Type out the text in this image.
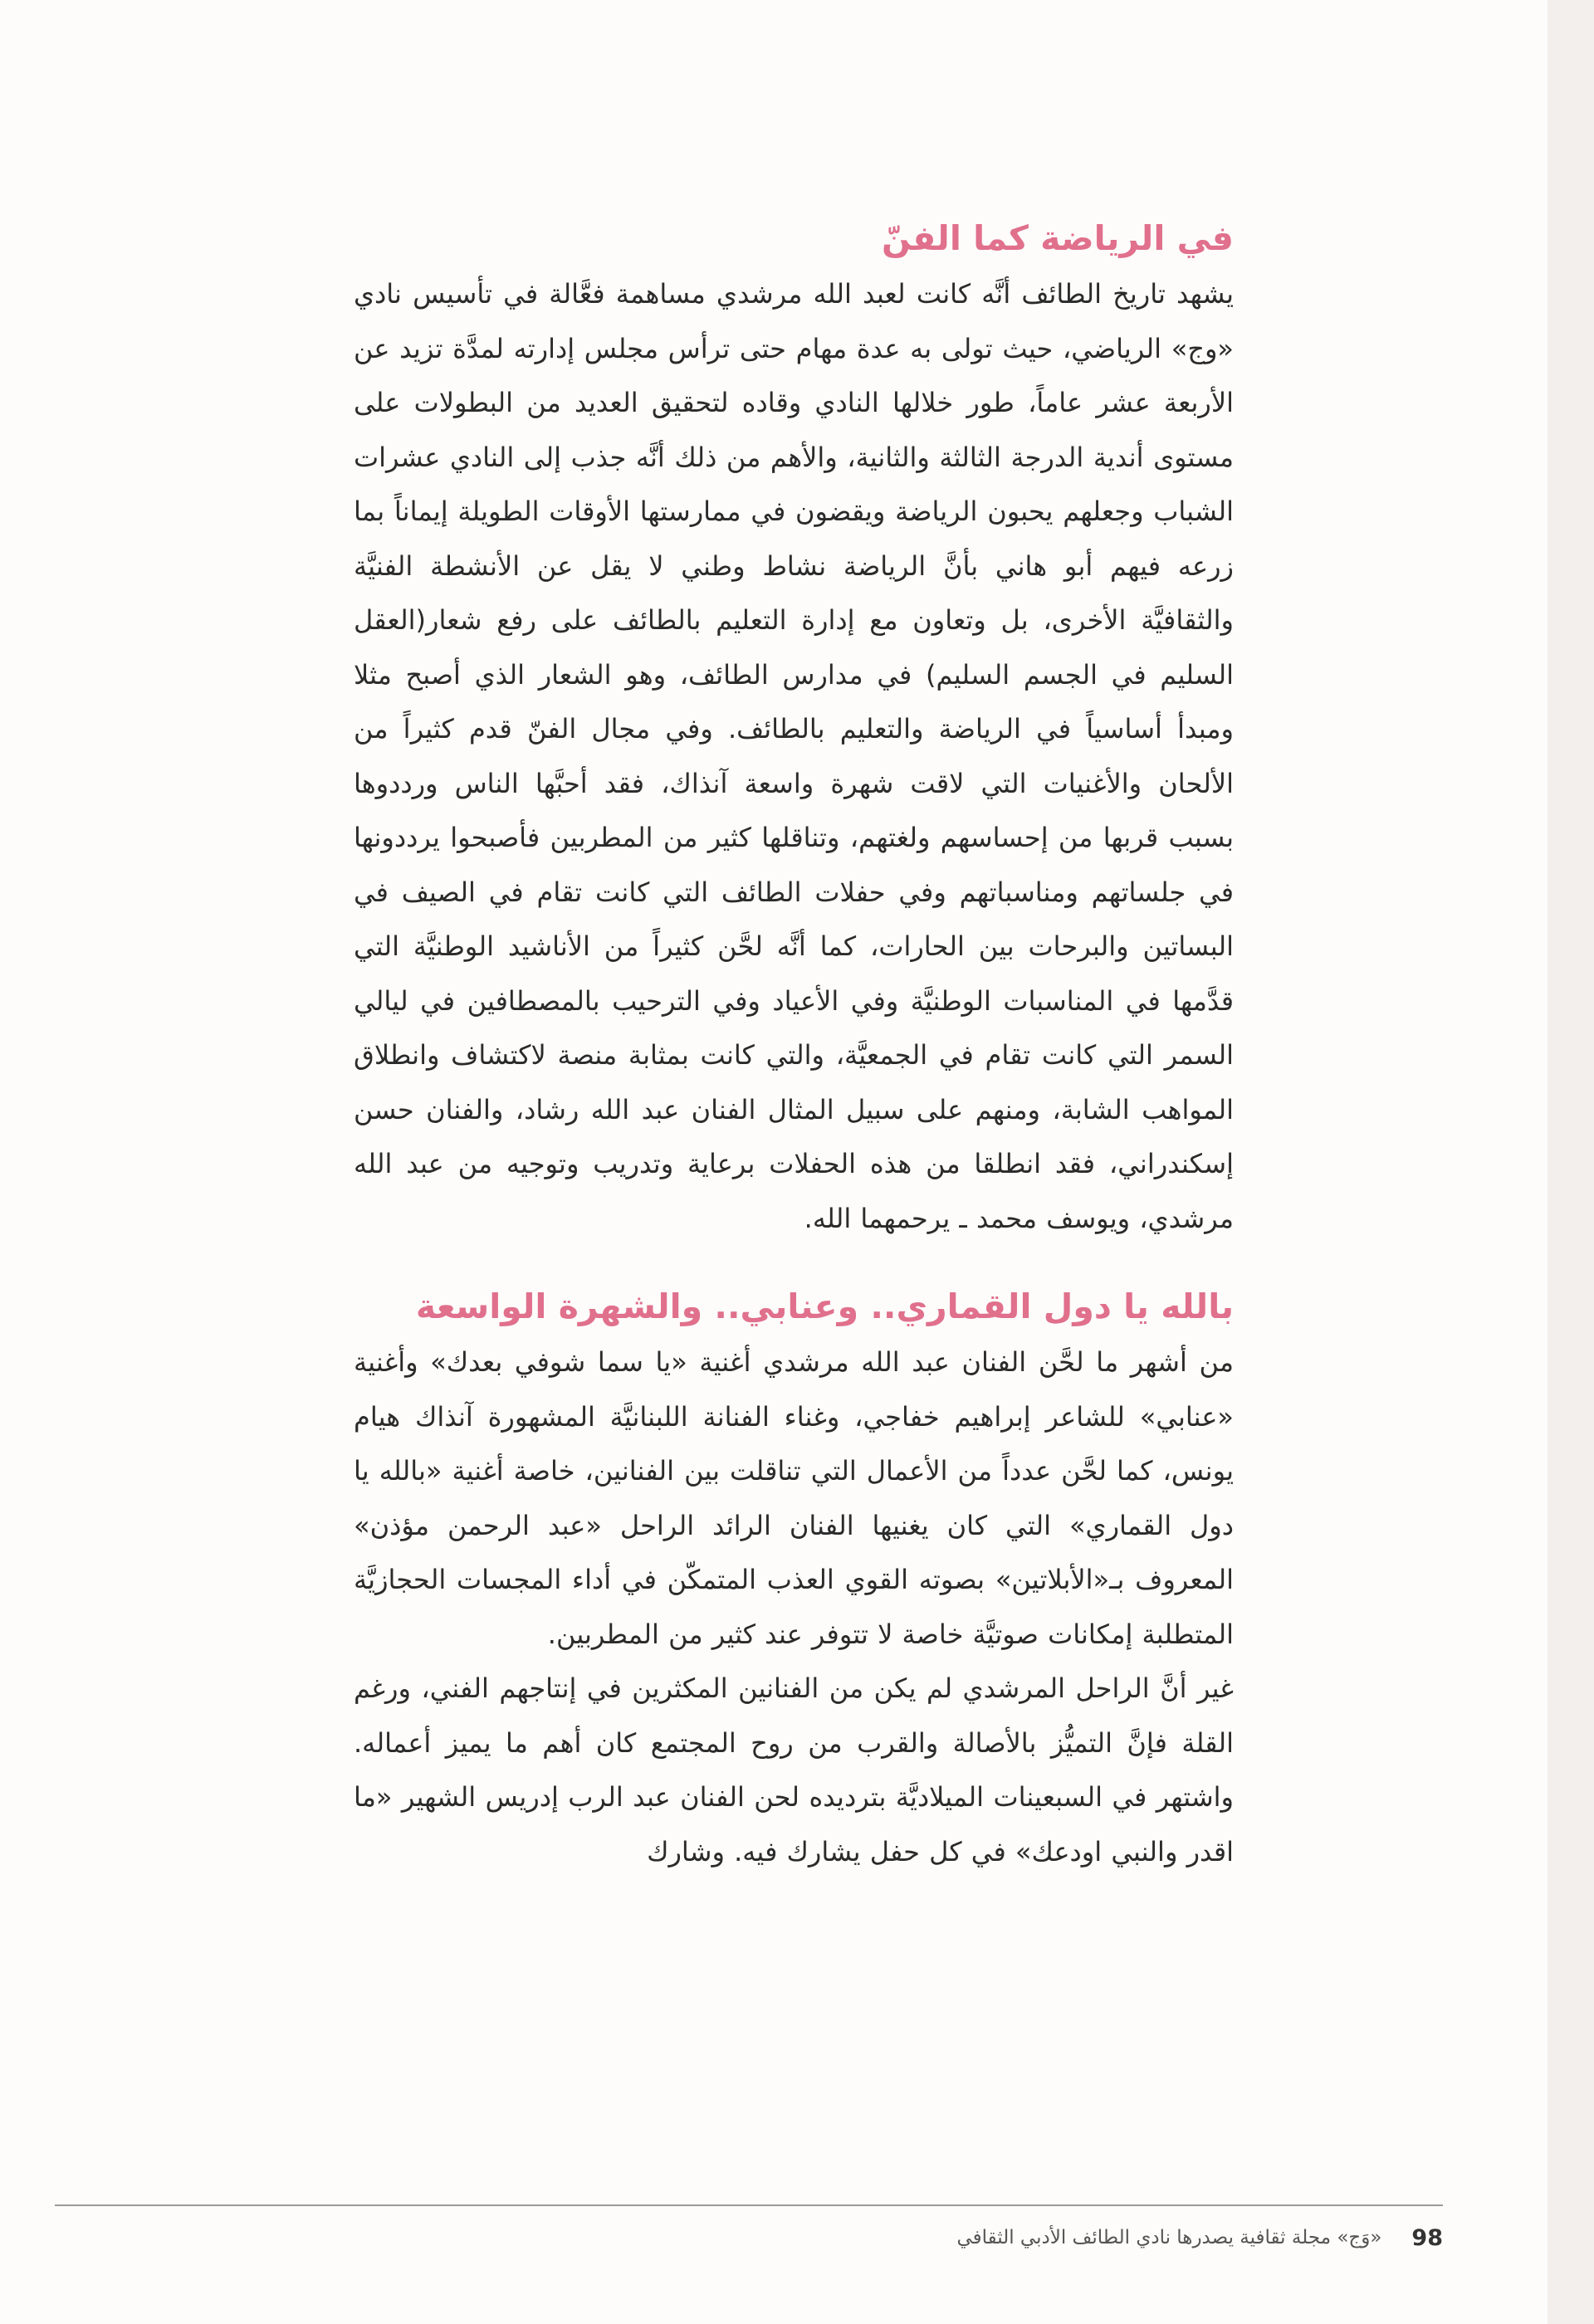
في الرياضة كما الفنّ

يشهد تاريخ الطائف أنَّه كانت لعبد الله مرشدي مساهمة فعَّالة في تأسيس نادي «وج» الرياضي، حيث تولى به عدة مهام حتى ترأس مجلس إدارته لمدَّة تزيد عن الأربعة عشر عاماً، طور خلالها النادي وقاده لتحقيق العديد من البطولات على مستوى أندية الدرجة الثالثة والثانية، والأهم من ذلك أنَّه جذب إلى النادي عشرات الشباب وجعلهم يحبون الرياضة ويقضون في ممارستها الأوقات الطويلة إيماناً بما زرعه فيهم أبو هاني بأنَّ الرياضة نشاط وطني لا يقل عن الأنشطة الفنيَّة والثقافيَّة الأخرى، بل وتعاون مع إدارة التعليم بالطائف على رفع شعار(العقل السليم في الجسم السليم) في مدارس الطائف، وهو الشعار الذي أصبح مثلا ومبدأ أساسياً في الرياضة والتعليم بالطائف. وفي مجال الفنّ قدم كثيراً من الألحان والأغنيات التي لاقت شهرة واسعة آنذاك، فقد أحبَّها الناس ورددوها بسبب قربها من إحساسهم ولغتهم، وتناقلها كثير من المطربين فأصبحوا يرددونها في جلساتهم ومناسباتهم وفي حفلات الطائف التي كانت تقام في الصيف في البساتين والبرحات بين الحارات، كما أنَّه لحَّن كثيراً من الأناشيد الوطنيَّة التي قدَّمها في المناسبات الوطنيَّة وفي الأعياد وفي الترحيب بالمصطافين في ليالي السمر التي كانت تقام في الجمعيَّة، والتي كانت بمثابة منصة لاكتشاف وانطلاق المواهب الشابة، ومنهم على سبيل المثال الفنان عبد الله رشاد، والفنان حسن إسكندراني، فقد انطلقا من هذه الحفلات برعاية وتدريب وتوجيه من عبد الله مرشدي، ويوسف محمد ـ يرحمهما الله.

بالله يا دول القماري.. وعنابي.. والشهرة الواسعة

من أشهر ما لحَّن الفنان عبد الله مرشدي أغنية «يا سما شوفي بعدك» وأغنية «عنابي» للشاعر إبراهيم خفاجي، وغناء الفنانة اللبنانيَّة المشهورة آنذاك هيام يونس، كما لحَّن عدداً من الأعمال التي تناقلت بين الفنانين، خاصة أغنية «بالله يا دول القماري» التي كان يغنيها الفنان الرائد الراحل «عبد الرحمن مؤذن» المعروف بـ«الأبلاتين» بصوته القوي العذب المتمكّن في أداء المجسات الحجازيَّة المتطلبة إمكانات صوتيَّة خاصة لا تتوفر عند كثير من المطربين.

غير أنَّ الراحل المرشدي لم يكن من الفنانين المكثرين في إنتاجهم الفني، ورغم القلة فإنَّ التميُّز بالأصالة والقرب من روح المجتمع كان أهم ما يميز أعماله. واشتهر في السبعينات الميلاديَّة بترديده لحن الفنان عبد الرب إدريس الشهير «ما اقدر والنبي اودعك» في كل حفل يشارك فيه. وشارك

«وَج» مجلة ثقافية يصدرها نادي الطائف الأدبي الثقافي 98
